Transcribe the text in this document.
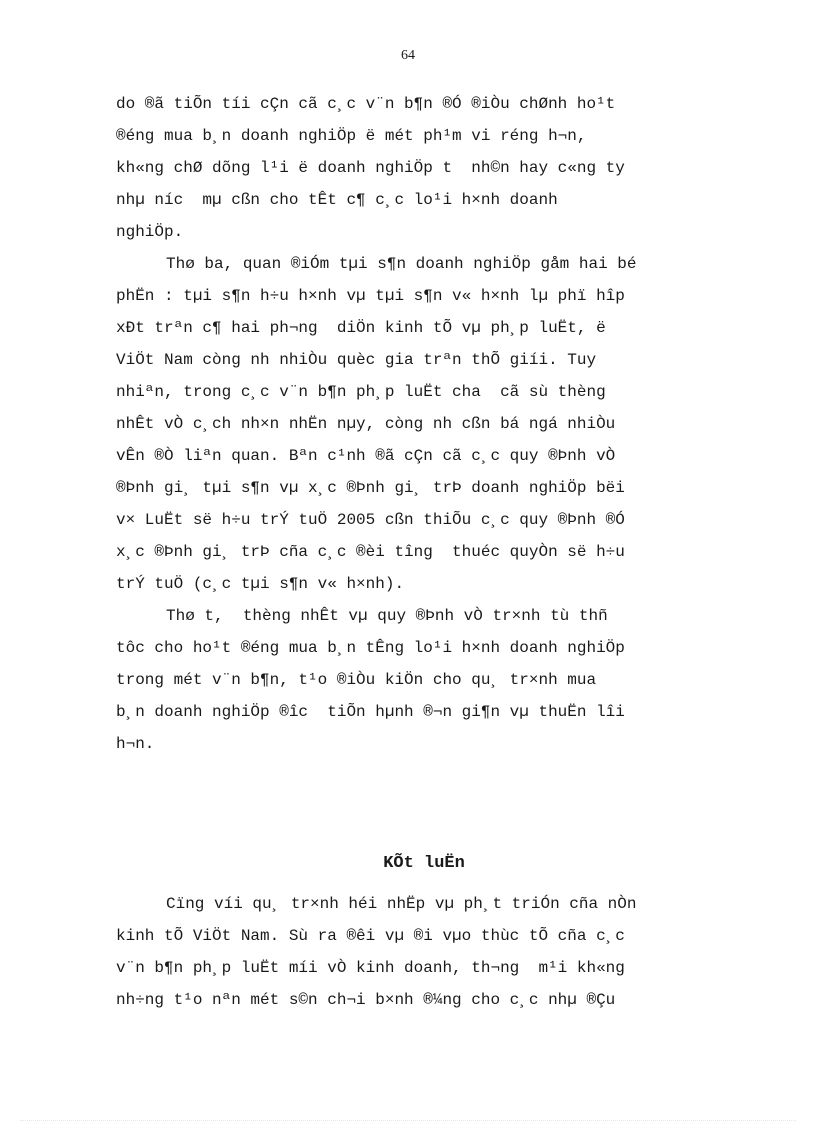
64
do ®ã tiÕn tíi cÇn cã c¸c v¨n b¶n ®Ó ®iÒu chØnh ho¹t
®éng mua b¸n doanh nghiÖp ë mét ph¹m vi réng h¬n,
kh«ng chØ dõng l¹i ë doanh nghiÖp t  nh©n hay c«ng ty
nhµ níc  mµ cßn cho tÊt c¶ c¸c lo¹i h×nh doanh
nghiÖp.
Thø ba, quan ®iÓm tµi s¶n doanh nghiÖp gåm hai bé
phËn : tµi s¶n h÷u h×nh vµ tµi s¶n v« h×nh lµ phï hîp
xÐt trªn c¶ hai ph¬ng  diÖn kinh tÕ vµ ph¸p luËt, ë
ViÖt Nam còng nh nhiÒu quèc gia trªn thÕ giíi. Tuy
nhiªn, trong c¸c v¨n b¶n ph¸p luËt cha  cã sù thèng
nhÊt vÒ c¸ch nh×n nhËn nµy, còng nh cßn bá ngá nhiÒu
vÊn ®Ò liªn quan. Bªn c¹nh ®ã cÇn cã c¸c quy ®Þnh vÒ
®Þnh gi¸ tµi s¶n vµ x¸c ®Þnh gi¸ trÞ doanh nghiÖp bëi
v× LuËt së h÷u trÝ tuÖ 2005 cßn thiÕu c¸c quy ®Þnh ®Ó
x¸c ®Þnh gi¸ trÞ cña c¸c ®èi tîng  thuéc quyÒn së h÷u
trÝ tuÖ (c¸c tµi s¶n v« h×nh).
Thø t,  thèng nhÊt vµ quy ®Þnh vÒ tr×nh tù thñ
tôc cho ho¹t ®éng mua b¸n tÊng lo¹i h×nh doanh nghiÖp
trong mét v¨n b¶n, t¹o ®iÒu kiÖn cho qu¸ tr×nh mua
b¸n doanh nghiÖp ®îc  tiÕn hµnh ®¬n gi¶n vµ thuËn lîi
h¬n.
KÕt luËn
Cïng víi qu¸ tr×nh héi nhËp vµ ph¸t triÓn cña nÒn
kinh tÕ ViÖt Nam. Sù ra ®êi vµ ®i vµo thùc tÕ cña c¸c
v¨n b¶n ph¸p luËt míi vÒ kinh doanh, th¬ng  m¹i kh«ng
nh÷ng t¹o nªn mét s©n ch¬i b×nh ®¼ng cho c¸c nhµ ®Çu
